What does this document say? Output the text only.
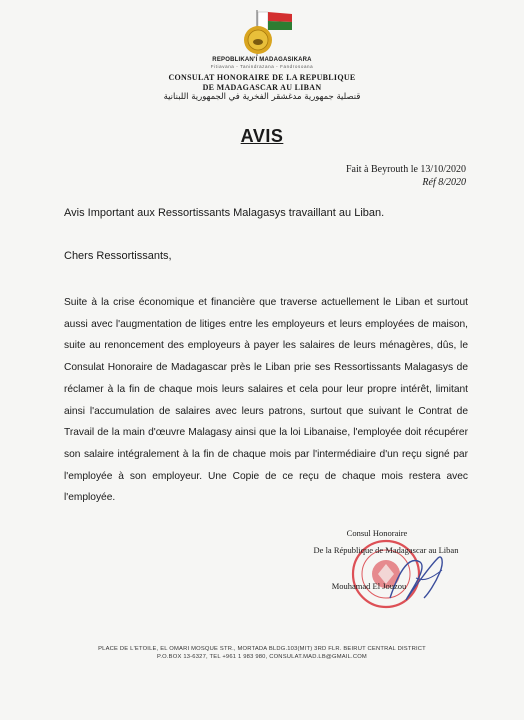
REPOBLIKAN'I MADAGASIKARA
Fitiavana - Tanindrazana - Fandrosoana
CONSULAT HONORAIRE DE LA REPUBLIQUE
DE MADAGASCAR AU LIBAN
قنصلية جمهورية مدغشقر الفخرية في الجمهورية اللبنانية
AVIS
Fait à Beyrouth le 13/10/2020
Réf 8/2020
Avis Important aux Ressortissants Malagasys travaillant au Liban.
Chers Ressortissants,
Suite à la crise économique et financière que traverse actuellement le Liban et surtout aussi avec l'augmentation de litiges entre les employeurs et leurs employées de maison, suite au renoncement des employeurs à payer les salaires de leurs ménagères, dûs, le Consulat Honoraire de Madagascar près le Liban prie ses Ressortissants Malagasys de réclamer à la fin de chaque mois leurs salaires et cela pour leur propre intérêt, limitant ainsi l'accumulation de salaires avec leurs patrons, surtout que suivant le Contrat de Travail de la main d'œuvre Malagasy ainsi que la loi Libanaise, l'employée doit récupérer son salaire intégralement à la fin de chaque mois par l'intermédiaire d'un reçu signé par l'employée à son employeur. Une Copie de ce reçu de chaque mois restera avec l'employée.
Consul Honoraire
De la République de Madagascar au Liban
Mouhamad El Jouzou
PLACE DE L'ETOILE, EL OMARI MOSQUE STR., MORTADA BLDG.103(MIT) 3RD FLR. BEIRUT CENTRAL DISTRICT
P.O.BOX 13-6327, TEL +961 1 983 980, CONSULAT.MAD.LB@GMAIL.COM
